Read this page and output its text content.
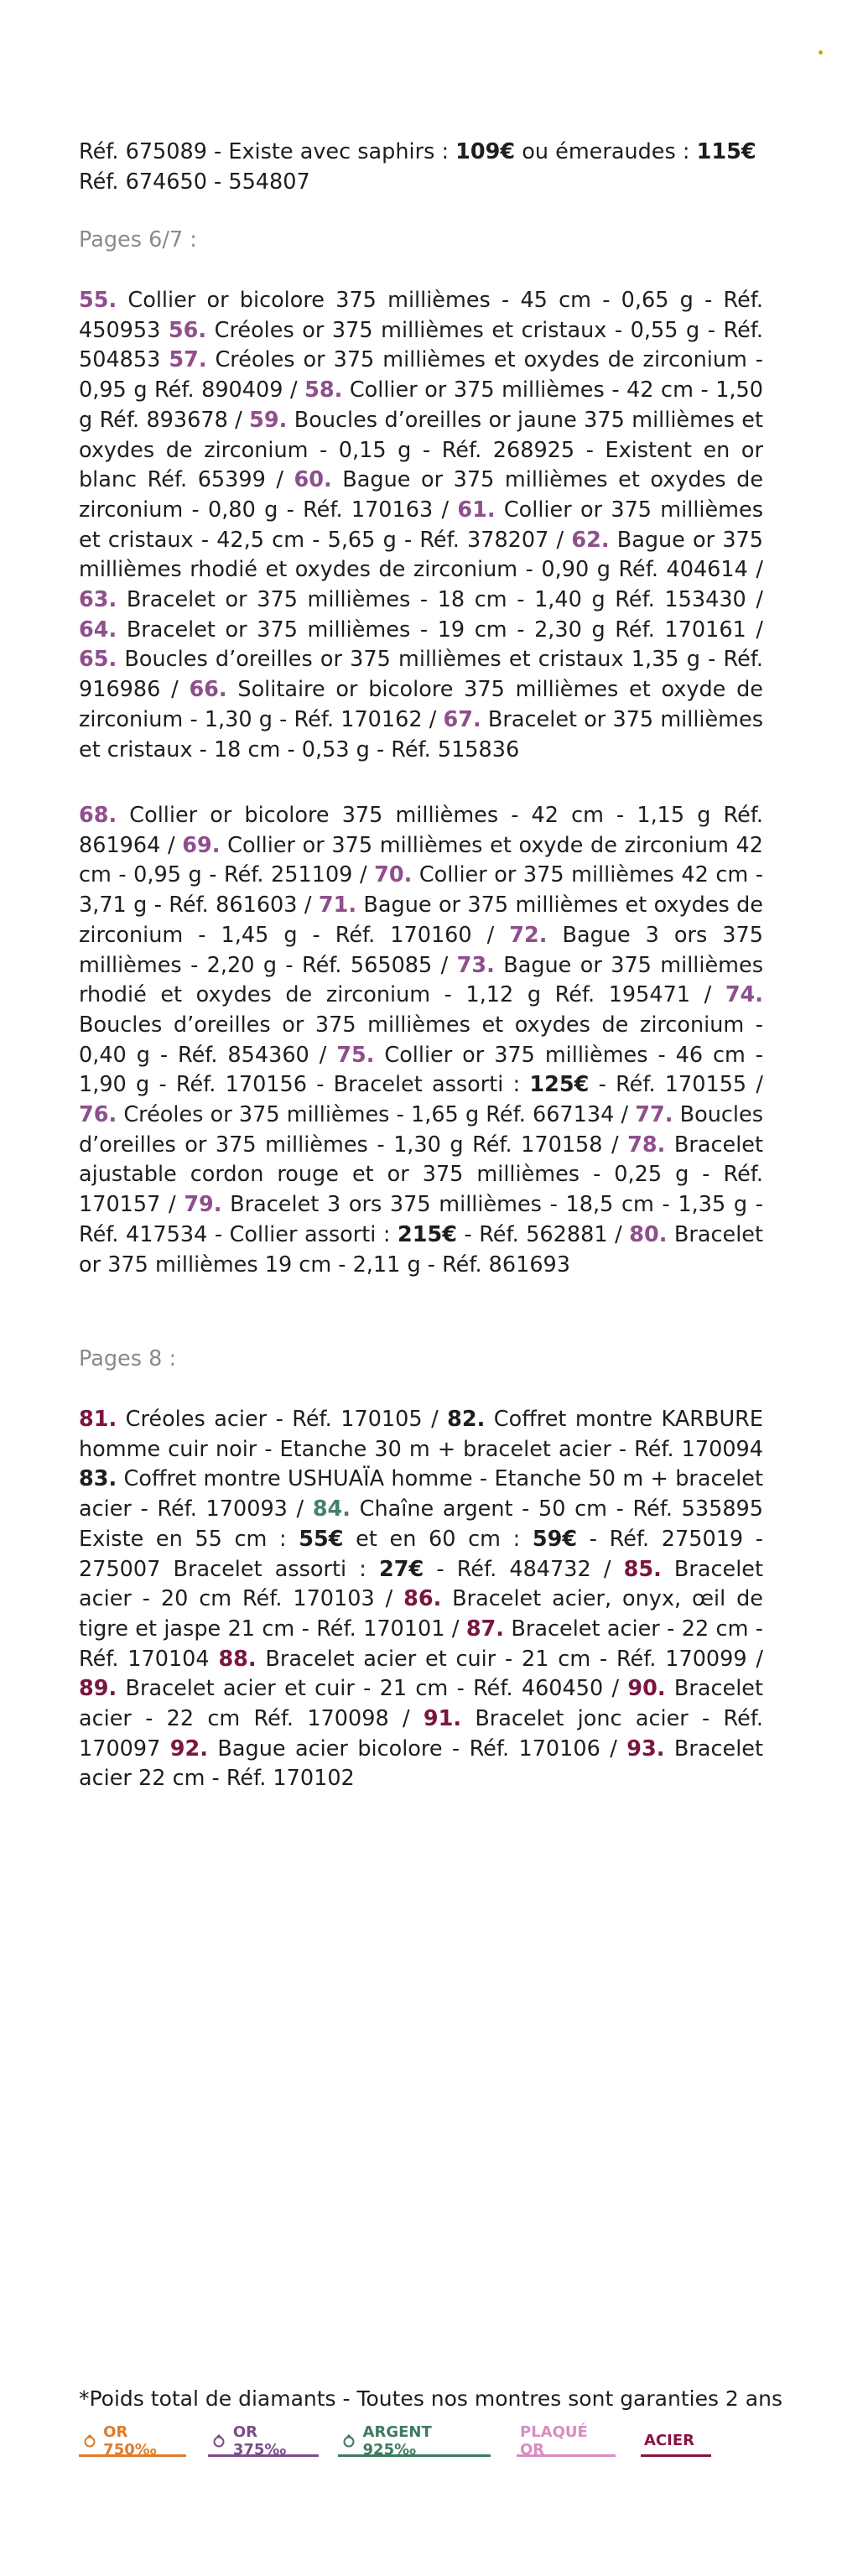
Réf. 675089 - Existe avec saphirs : 109€ ou émeraudes : 115€
Réf. 674650 - 554807
Pages 6/7 :
55. Collier or bicolore 375 millièmes - 45 cm - 0,65 g - Réf. 450953 56. Créoles or 375 millièmes et cristaux - 0,55 g - Réf. 504853 57. Créoles or 375 millièmes et oxydes de zirconium - 0,95 g Réf. 890409 / 58. Collier or 375 millièmes - 42 cm - 1,50 g Réf. 893678 / 59. Boucles d’oreilles or jaune 375 millièmes et oxydes de zirconium - 0,15 g - Réf. 268925 - Existent en or blanc Réf. 65399 / 60. Bague or 375 millièmes et oxydes de zirconium - 0,80 g - Réf. 170163 / 61. Collier or 375 millièmes et cristaux - 42,5 cm - 5,65 g - Réf. 378207 / 62. Bague or 375 millièmes rhodié et oxydes de zirconium - 0,90 g Réf. 404614 / 63. Bracelet or 375 millièmes - 18 cm - 1,40 g Réf. 153430 / 64. Bracelet or 375 millièmes - 19 cm - 2,30 g Réf. 170161 / 65. Boucles d’oreilles or 375 millièmes et cristaux 1,35 g - Réf. 916986 / 66. Solitaire or bicolore 375 millièmes et oxyde de zirconium - 1,30 g - Réf. 170162 / 67. Bracelet or 375 millièmes et cristaux - 18 cm - 0,53 g - Réf. 515836
68. Collier or bicolore 375 millièmes - 42 cm - 1,15 g Réf. 861964 / 69. Collier or 375 millièmes et oxyde de zirconium 42 cm - 0,95 g - Réf. 251109 / 70. Collier or 375 millièmes 42 cm - 3,71 g - Réf. 861603 / 71. Bague or 375 millièmes et oxydes de zirconium - 1,45 g - Réf. 170160 / 72. Bague 3 ors 375 millièmes - 2,20 g - Réf. 565085 / 73. Bague or 375 millièmes rhodié et oxydes de zirconium - 1,12 g Réf. 195471 / 74. Boucles d’oreilles or 375 millièmes et oxydes de zirconium - 0,40 g - Réf. 854360 / 75. Collier or 375 millièmes - 46 cm - 1,90 g - Réf. 170156 - Bracelet assorti : 125€ - Réf. 170155 / 76. Créoles or 375 millièmes - 1,65 g Réf. 667134 / 77. Boucles d’oreilles or 375 millièmes - 1,30 g Réf. 170158 / 78. Bracelet ajustable cordon rouge et or 375 millièmes - 0,25 g - Réf. 170157 / 79. Bracelet 3 ors 375 millièmes - 18,5 cm - 1,35 g - Réf. 417534 - Collier assorti : 215€ - Réf. 562881 / 80. Bracelet or 375 millièmes 19 cm - 2,11 g - Réf. 861693
Pages 8 :
81. Créoles acier - Réf. 170105 / 82. Coffret montre KARBURE homme cuir noir - Etanche 30 m + bracelet acier - Réf. 170094 83. Coffret montre USHUAÏA homme - Etanche 50 m + bracelet acier - Réf. 170093 / 84. Chaîne argent - 50 cm - Réf. 535895 Existe en 55 cm : 55€ et en 60 cm : 59€ - Réf. 275019 - 275007 Bracelet assorti : 27€ - Réf. 484732 / 85. Bracelet acier - 20 cm Réf. 170103 / 86. Bracelet acier, onyx, œil de tigre et jaspe 21 cm - Réf. 170101 / 87. Bracelet acier - 22 cm - Réf. 170104 88. Bracelet acier et cuir - 21 cm - Réf. 170099 / 89. Bracelet acier et cuir - 21 cm - Réf. 460450 / 90. Bracelet acier - 22 cm Réf. 170098 / 91. Bracelet jonc acier - Réf. 170097 92. Bague acier bicolore - Réf. 170106 / 93. Bracelet acier 22 cm - Réf. 170102
*Poids total de diamants - Toutes nos montres sont garanties 2 ans
OR 750‰
OR 375‰
ARGENT 925‰
PLAQUÉ OR	ACIER
